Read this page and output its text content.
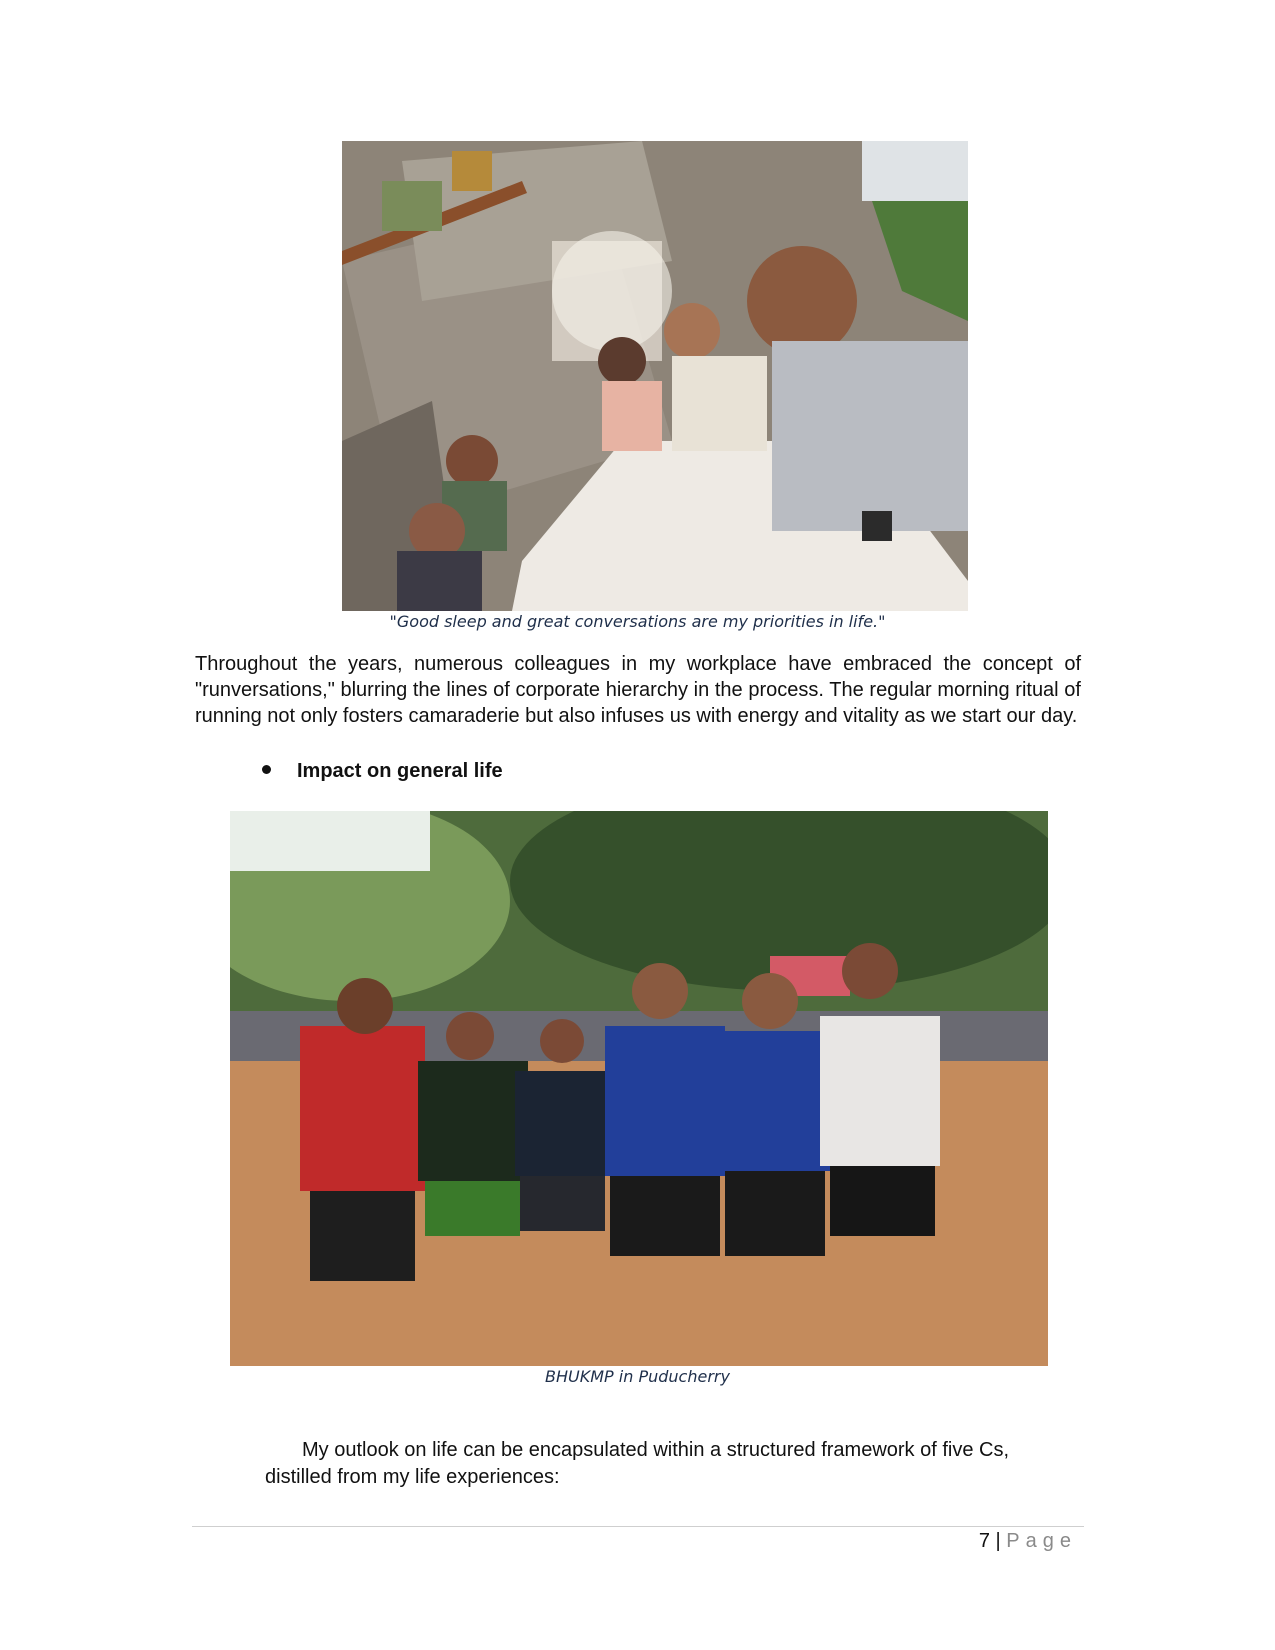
"Good sleep and great conversations are my priorities in life."
Throughout the years, numerous colleagues in my workplace have embraced the concept of "runversations," blurring the lines of corporate hierarchy in the process. The regular morning ritual of running not only fosters camaraderie but also infuses us with energy and vitality as we start our day.
Impact on general life
BHUKMP in Puducherry
My outlook on life can be encapsulated within a structured framework of five Cs,
distilled from my life experiences:
7 | Page
